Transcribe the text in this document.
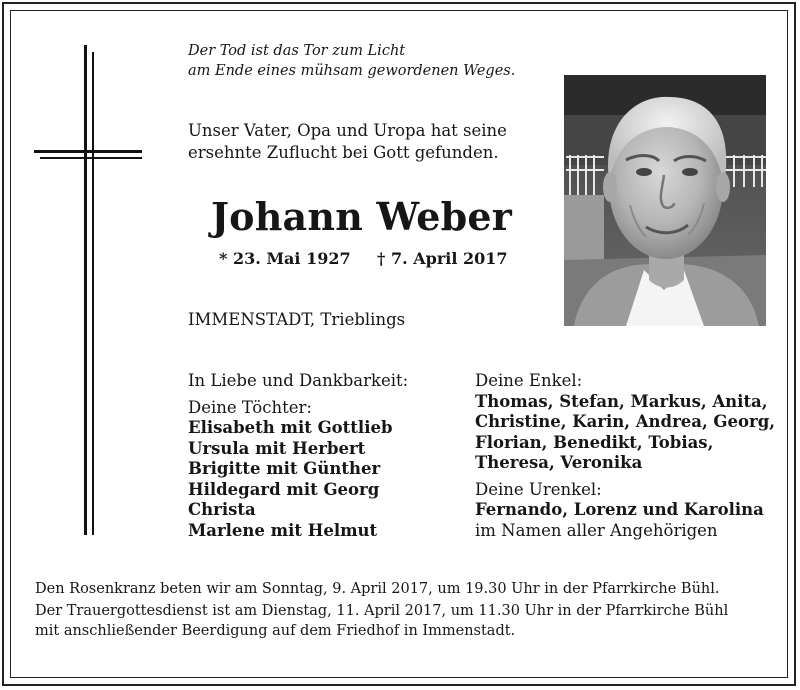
Der Tod ist das Tor zum Licht
am Ende eines mühsam gewordenen Weges.
Unser Vater, Opa und Uropa hat seine
ersehnte Zuflucht bei Gott gefunden.
Johann Weber
* 23. Mai 1927 † 7. April 2017
IMMENSTADT, Trieblings
In Liebe und Dankbarkeit:
Deine Töchter:
Elisabeth mit Gottlieb
Ursula mit Herbert
Brigitte mit Günther
Hildegard mit Georg
Christa
Marlene mit Helmut
Deine Enkel:
Thomas, Stefan, Markus, Anita,
Christine, Karin, Andrea, Georg,
Florian, Benedikt, Tobias,
Theresa, Veronika
Deine Urenkel:
Fernando, Lorenz und Karolina
im Namen aller Angehörigen
Den Rosenkranz beten wir am Sonntag, 9. April 2017, um 19.30 Uhr in der Pfarrkirche Bühl.
Der Trauergottesdienst ist am Dienstag, 11. April 2017, um 11.30 Uhr in der Pfarrkirche Bühl
mit anschließender Beerdigung auf dem Friedhof in Immenstadt.
